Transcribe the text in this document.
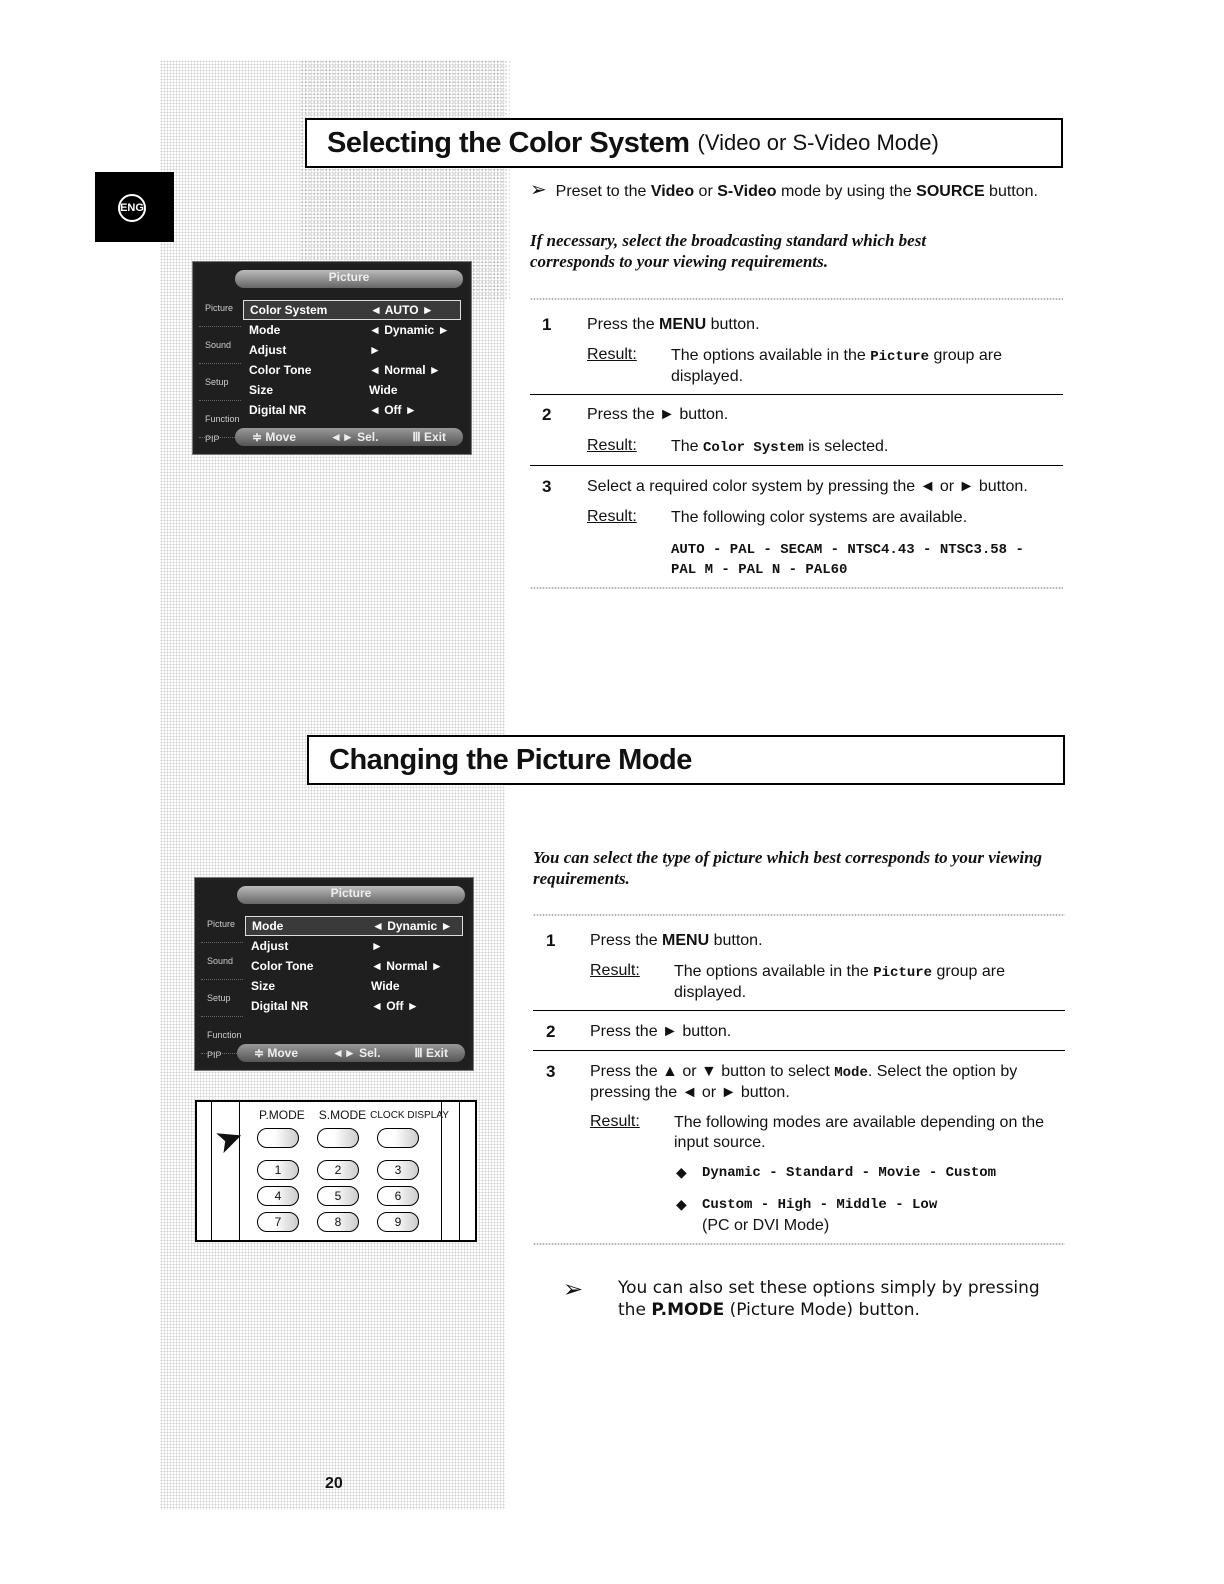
ENG
Selecting the Color System (Video or S-Video Mode)
Picture
Picture
Sound
Setup
Function
Color System	◄ AUTO ►
Mode	◄ Dynamic ►
Adjust	►
Color Tone	◄ Normal ►
Size	Wide
Digital NR	◄ Off ►
PIP	≑ Move	◄► Sel.	Ⅲ Exit
➢ Preset to the Video or S-Video mode by using the SOURCE button.
If necessary, select the broadcasting standard which best corresponds to your viewing requirements.
1 Press the MENU button.
Result: The options available in the Picture group are displayed.
2 Press the ► button.
Result: The Color System is selected.
3 Select a required color system by pressing the ◄ or ► button.
Result: The following color systems are available.
AUTO - PAL - SECAM - NTSC4.43 - NTSC3.58 -
PAL M - PAL N - PAL60
Changing the Picture Mode
Picture
Picture
Sound
Setup
Function
Mode	◄ Dynamic ►
Adjust	►
Color Tone	◄ Normal ►
Size	Wide
Digital NR	◄ Off ►
PIP	≑ Move	◄► Sel.	Ⅲ Exit
P.MODE S.MODE CLOCK DISPLAY
➤
1	2	3
4	5	6
7	8	9
You can select the type of picture which best corresponds to your viewing requirements.
1 Press the MENU button.
Result: The options available in the Picture group are displayed.
2 Press the ► button.
3 Press the ▲ or ▼ button to select Mode. Select the option by pressing the ◄ or ► button.
Result: The following modes are available depending on the input source.
◆ Dynamic - Standard - Movie - Custom
◆ Custom - High - Middle - Low
(PC or DVI Mode)
➢ You can also set these options simply by pressing the P.MODE (Picture Mode) button.
20
